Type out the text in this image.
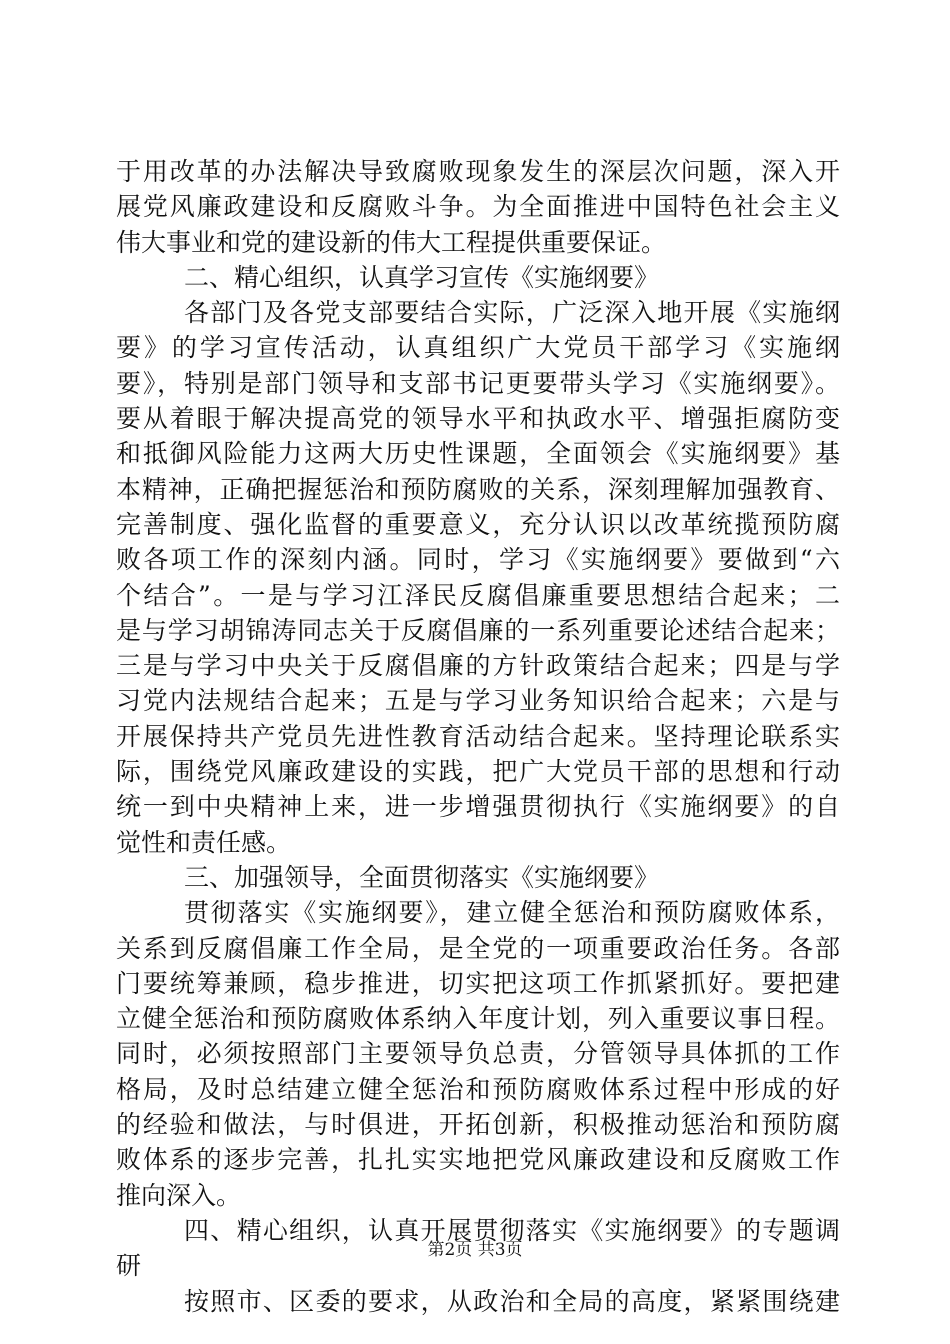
于用改革的办法解决导致腐败现象发生的深层次问题，深入开
展党风廉政建设和反腐败斗争。为全面推进中国特色社会主义
伟大事业和党的建设新的伟大工程提供重要保证。
二、精心组织，认真学习宣传《实施纲要》
各部门及各党支部要结合实际，广泛深入地开展《实施纲
要》的学习宣传活动，认真组织广大党员干部学习《实施纲
要》，特别是部门领导和支部书记更要带头学习《实施纲要》。
要从着眼于解决提高党的领导水平和执政水平、增强拒腐防变
和抵御风险能力这两大历史性课题，全面领会《实施纲要》基
本精神，正确把握惩治和预防腐败的关系，深刻理解加强教育、
完善制度、强化监督的重要意义，充分认识以改革统揽预防腐
败各项工作的深刻内涵。同时，学习《实施纲要》要做到“六
个结合”。一是与学习江泽民反腐倡廉重要思想结合起来；二
是与学习胡锦涛同志关于反腐倡廉的一系列重要论述结合起来；
三是与学习中央关于反腐倡廉的方针政策结合起来；四是与学
习党内法规结合起来；五是与学习业务知识给合起来；六是与
开展保持共产党员先进性教育活动结合起来。坚持理论联系实
际，围绕党风廉政建设的实践，把广大党员干部的思想和行动
统一到中央精神上来，进一步增强贯彻执行《实施纲要》的自
觉性和责任感。
三、加强领导，全面贯彻落实《实施纲要》
贯彻落实《实施纲要》，建立健全惩治和预防腐败体系，
关系到反腐倡廉工作全局，是全党的一项重要政治任务。各部
门要统筹兼顾，稳步推进，切实把这项工作抓紧抓好。要把建
立健全惩治和预防腐败体系纳入年度计划，列入重要议事日程。
同时，必须按照部门主要领导负总责，分管领导具体抓的工作
格局，及时总结建立健全惩治和预防腐败体系过程中形成的好
的经验和做法，与时俱进，开拓创新，积极推动惩治和预防腐
败体系的逐步完善，扎扎实实地把党风廉政建设和反腐败工作
推向深入。
四、精心组织，认真开展贯彻落实《实施纲要》的专题调
研
按照市、区委的要求，从政治和全局的高度，紧紧围绕建
第2页 共3页
